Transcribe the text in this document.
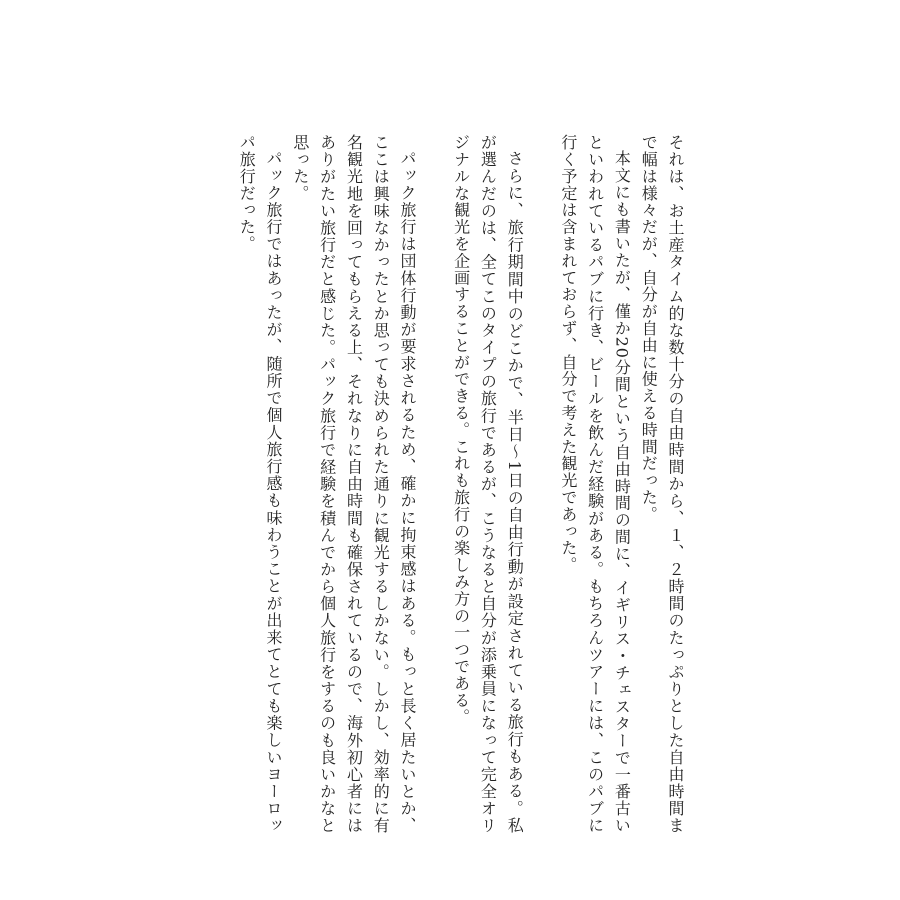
それは、お土産タイム的な数十分の自由時間から、１、２時間のたっぷりとした自由時間まで幅は様々だが、自分が自由に使える時間だった。

本文にも書いたが、僅か20分間という自由時間の間に、イギリス・チェスターで一番古いといわれているパブに行き、ビールを飲んだ経験がある。もちろんツアーには、このパブに行く予定は含まれておらず、自分で考えた観光であった。

さらに、旅行期間中のどこかで、半日〜1日の自由行動が設定されている旅行もある。私が選んだのは、全てこのタイプの旅行であるが、こうなると自分が添乗員になって完全オリジナルな観光を企画することができる。これも旅行の楽しみ方の一つである。

パック旅行は団体行動が要求されるため、確かに拘束感はある。もっと長く居たいとか、ここは興味なかったとか思っても決められた通りに観光するしかない。しかし、効率的に有名観光地を回ってもらえる上、それなりに自由時間も確保されているので、海外初心者にはありがたい旅行だと感じた。パック旅行で経験を積んでから個人旅行をするのも良いかなと思った。

パック旅行ではあったが、随所で個人旅行感も味わうことが出来てとても楽しいヨーロッパ旅行だった。
